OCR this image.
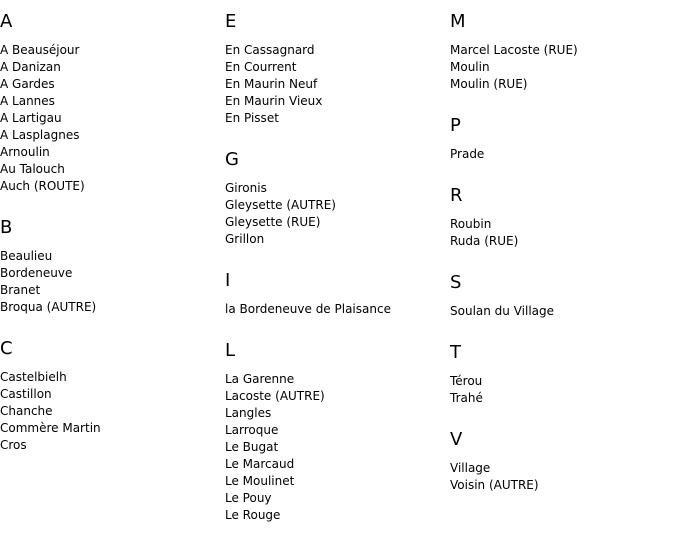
A
A Beauséjour
A Danizan
A Gardes
A Lannes
A Lartigau
A Lasplagnes
Arnoulin
Au Talouch
Auch (ROUTE)
B
Beaulieu
Bordeneuve
Branet
Broqua (AUTRE)
C
Castelbielh
Castillon
Chanche
Commère Martin
Cros
E
En Cassagnard
En Courrent
En Maurin Neuf
En Maurin Vieux
En Pisset
G
Gironis
Gleysette (AUTRE)
Gleysette (RUE)
Grillon
I
la Bordeneuve de Plaisance
L
La Garenne
Lacoste (AUTRE)
Langles
Larroque
Le Bugat
Le Marcaud
Le Moulinet
Le Pouy
Le Rouge
M
Marcel Lacoste (RUE)
Moulin
Moulin (RUE)
P
Prade
R
Roubin
Ruda (RUE)
S
Soulan du Village
T
Térou
Trahé
V
Village
Voisin (AUTRE)
